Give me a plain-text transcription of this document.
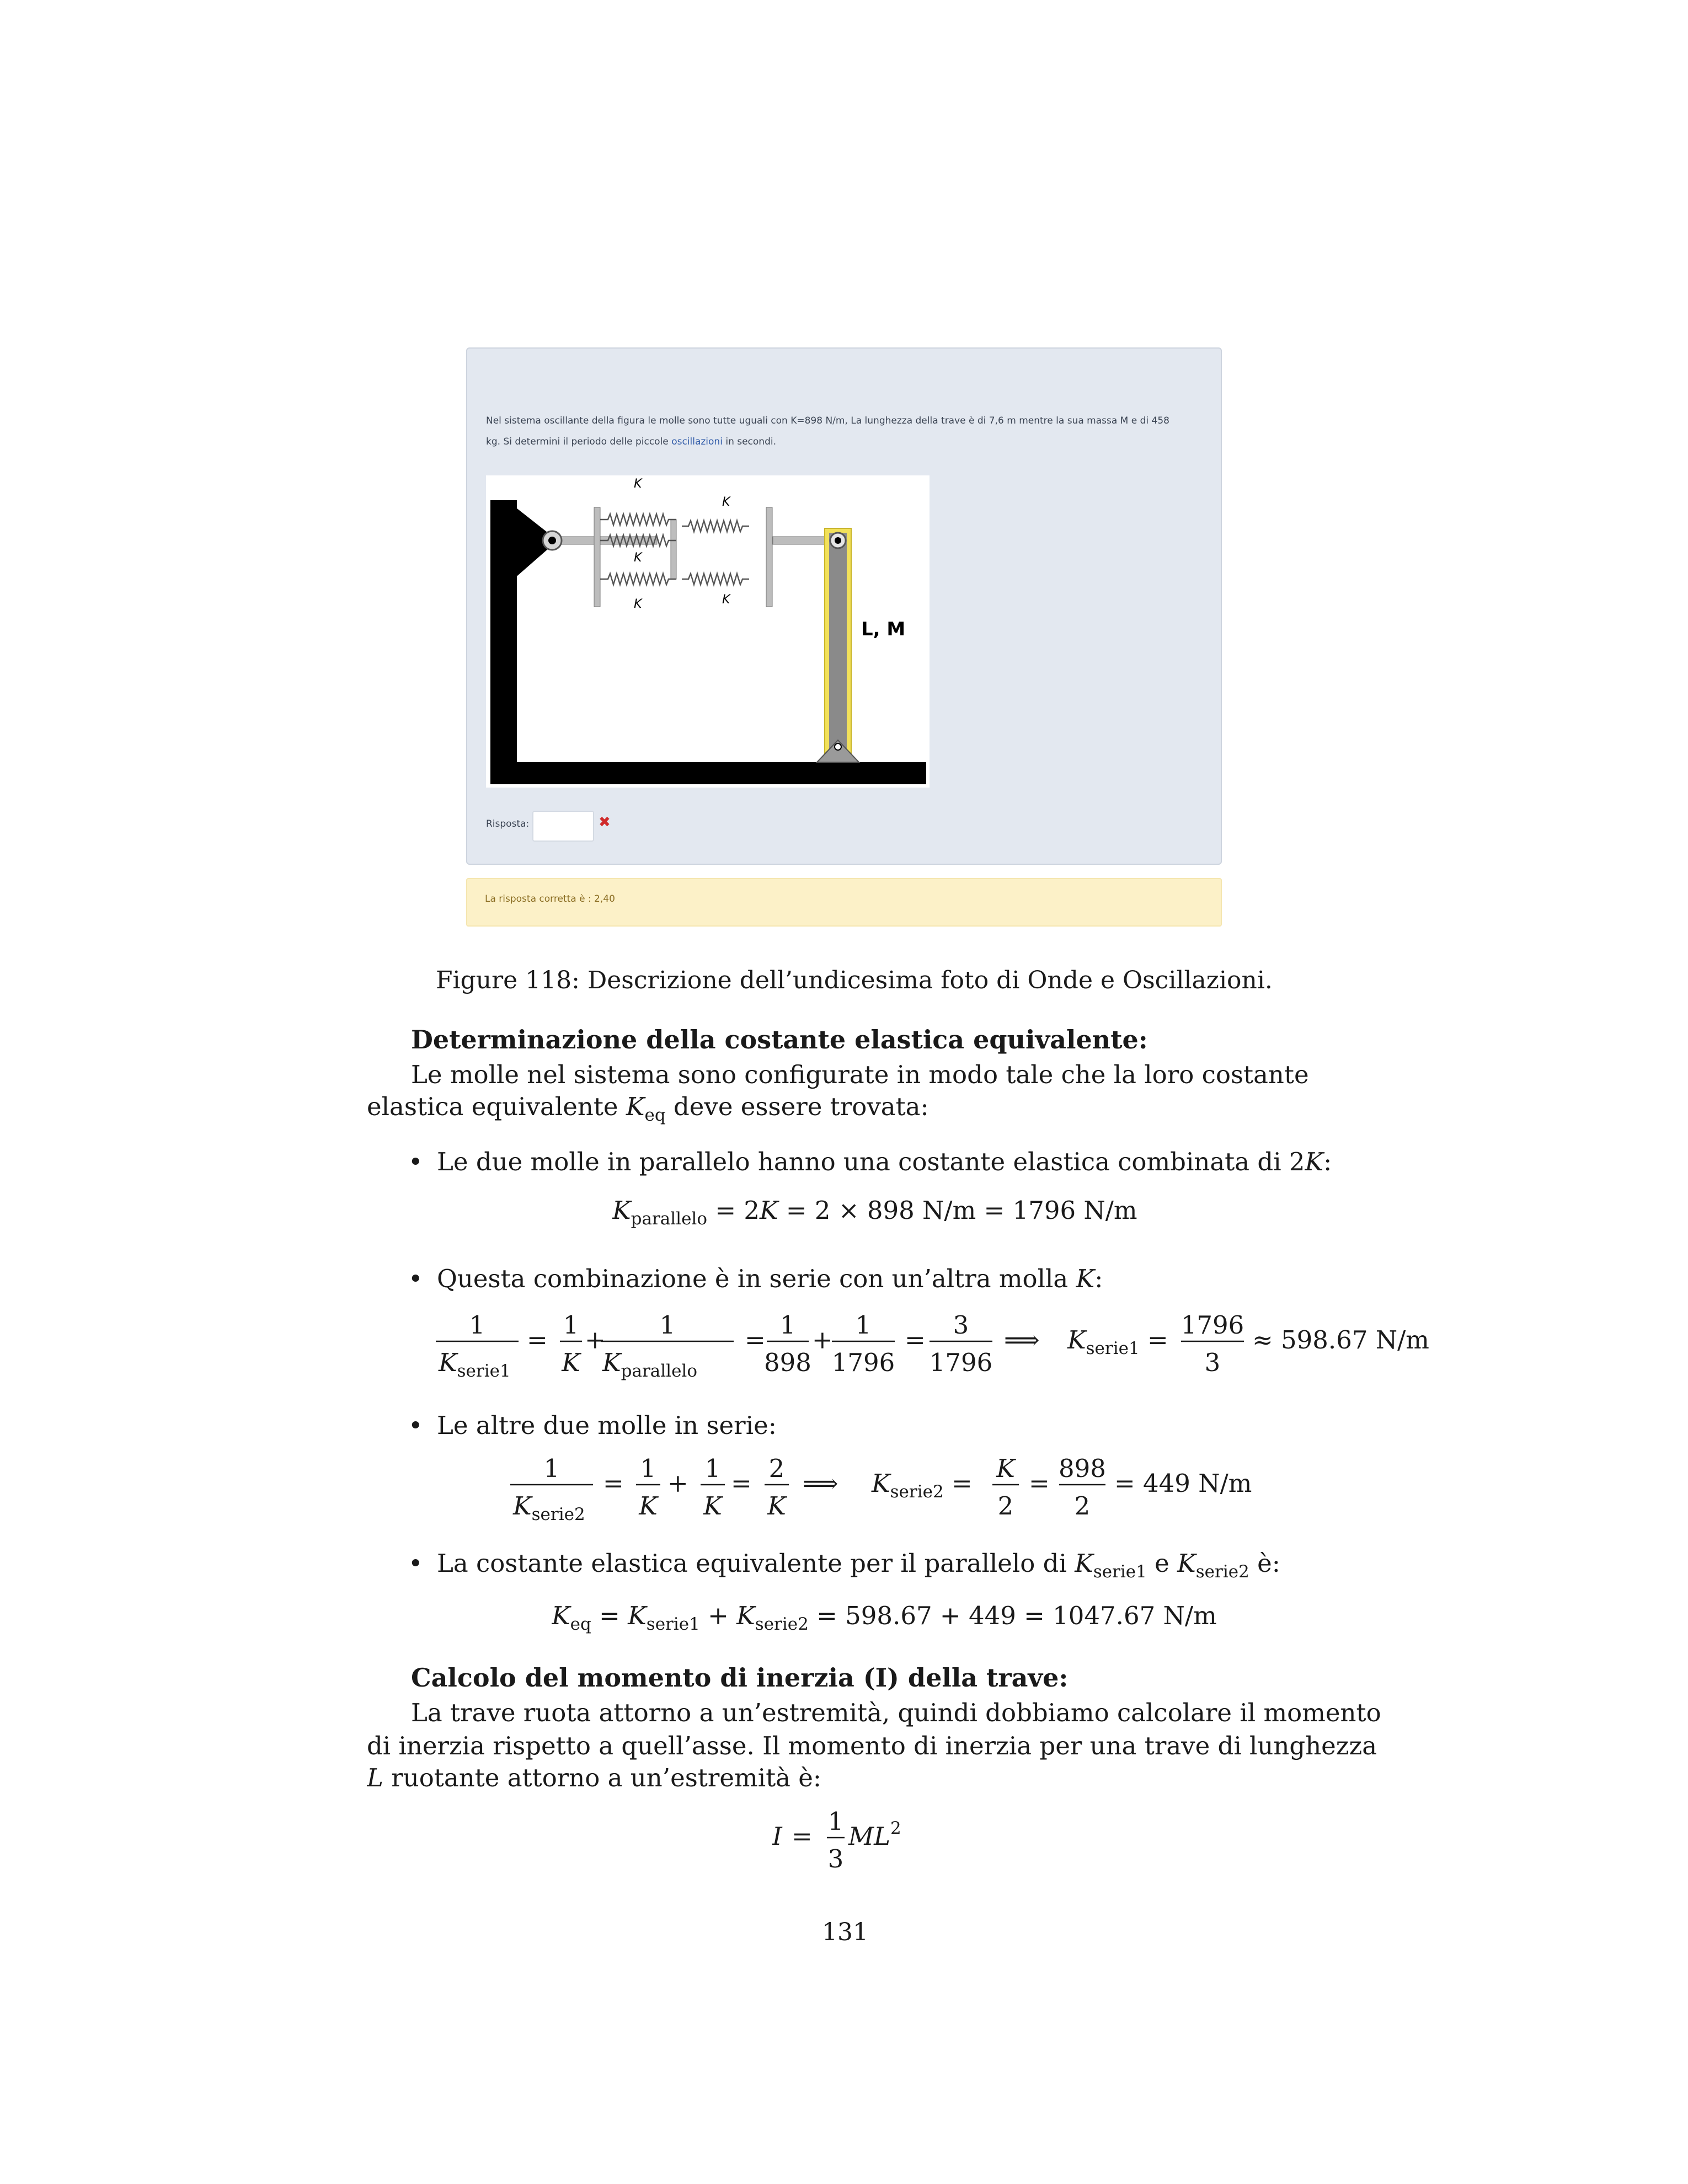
Nel sistema oscillante della figura le molle sono tutte uguali con K=898 N/m, La lunghezza della trave è di 7,6 m mentre la sua massa M e di 458
kg. Si determini il periodo delle piccole oscillazioni in secondi.
K
K
K
K	K
L, M
Risposta:	✖
La risposta corretta è : 2,40
Figure 118: Descrizione dell’undicesima foto di Onde e Oscillazioni.
Determinazione della costante elastica equivalente:
Le molle nel sistema sono configurate in modo tale che la loro costante
elastica equivalente $K_{eq}$ deve essere trovata:
• Le due molle in parallelo hanno una costante elastica combinata di 2K:
$K_{parallelo} = 2K = 2 \times 898$ N/m = 1796 N/m
• Questa combinazione è in serie con un’altra molla K:
1
$K_{serie1}$
=
1
K
+
1
$K_{parallelo}$
=
1
898
+
1
1796
=
3
1796
⟹ $K_{serie1}$ =
1796
3
≈ 598.67 N/m
• Le altre due molle in serie:
1
$K_{serie2}$
=
1
K
+
1
K
=
2
K
⟹ $K_{serie2}$ =
K
2
=
898
2
= 449 N/m
• La costante elastica equivalente per il parallelo di $K_{serie1}$ e $K_{serie2}$ è:
$K_{eq} = K_{serie1} + K_{serie2} = 598.67 + 449 = 1047.67$ N/m
Calcolo del momento di inerzia (I) della trave:
La trave ruota attorno a un’estremità, quindi dobbiamo calcolare il momento
di inerzia rispetto a quell’asse. Il momento di inerzia per una trave di lunghezza
L ruotante attorno a un’estremità è:
I =
1
3
$ML^2$
131
